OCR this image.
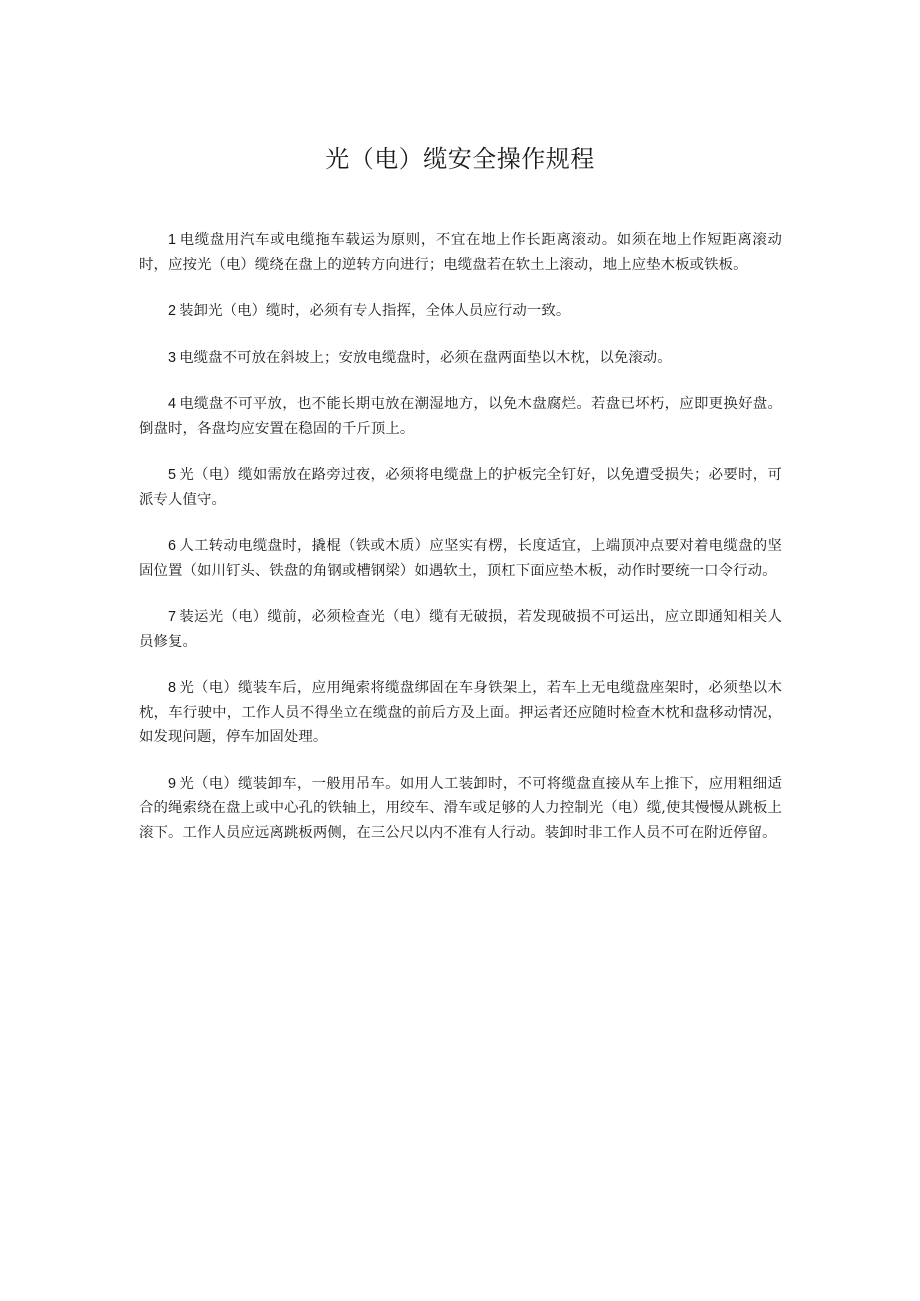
光（电）缆安全操作规程

1 电缆盘用汽车或电缆拖车载运为原则，不宜在地上作长距离滚动。如须在地上作短距离滚动时，应按光（电）缆绕在盘上的逆转方向进行；电缆盘若在软土上滚动，地上应垫木板或铁板。

2 装卸光（电）缆时，必须有专人指挥，全体人员应行动一致。

3 电缆盘不可放在斜坡上；安放电缆盘时，必须在盘两面垫以木枕，以免滚动。

4 电缆盘不可平放，也不能长期屯放在潮湿地方，以免木盘腐烂。若盘已坏朽，应即更换好盘。倒盘时，各盘均应安置在稳固的千斤顶上。

5 光（电）缆如需放在路旁过夜，必须将电缆盘上的护板完全钉好，以免遭受损失；必要时，可派专人值守。

6 人工转动电缆盘时，撬棍（铁或木质）应坚实有楞，长度适宜，上端顶冲点要对着电缆盘的坚固位置（如川钉头、铁盘的角钢或槽钢梁）如遇软土，顶杠下面应垫木板，动作时要统一口令行动。

7 装运光（电）缆前，必须检查光（电）缆有无破损，若发现破损不可运出，应立即通知相关人员修复。

8 光（电）缆装车后，应用绳索将缆盘绑固在车身铁架上，若车上无电缆盘座架时，必须垫以木枕，车行驶中，工作人员不得坐立在缆盘的前后方及上面。押运者还应随时检查木枕和盘移动情况，如发现问题，停车加固处理。

9 光（电）缆装卸车，一般用吊车。如用人工装卸时，不可将缆盘直接从车上推下，应用粗细适合的绳索绕在盘上或中心孔的铁轴上，用绞车、滑车或足够的人力控制光（电）缆,使其慢慢从跳板上滚下。工作人员应远离跳板两侧，在三公尺以内不准有人行动。装卸时非工作人员不可在附近停留。
